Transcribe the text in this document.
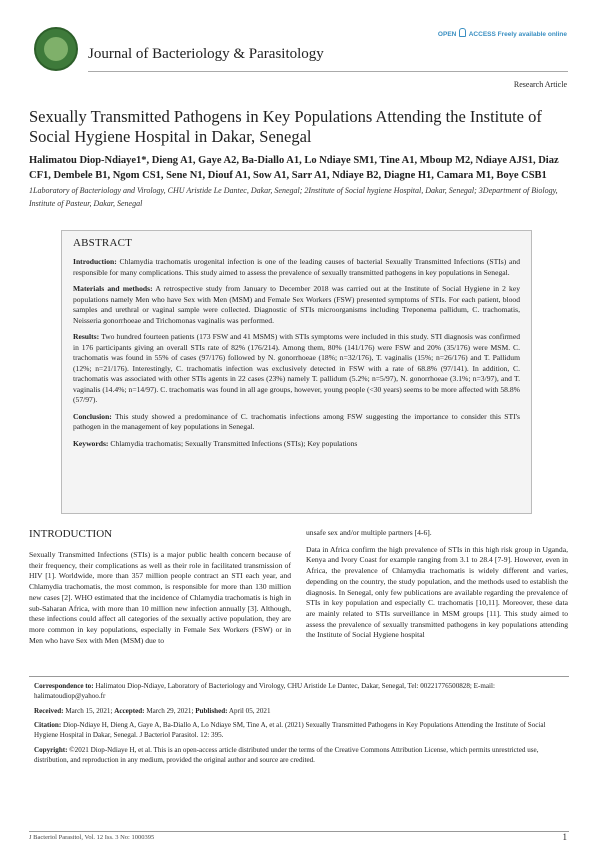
Journal of Bacteriology & Parasitology
OPEN ACCESS Freely available online
Research Article
Sexually Transmitted Pathogens in Key Populations Attending the Institute of Social Hygiene Hospital in Dakar, Senegal
Halimatou Diop-Ndiaye1*, Dieng A1, Gaye A2, Ba-Diallo A1, Lo Ndiaye SM1, Tine A1, Mboup M2, Ndiaye AJS1, Diaz CF1, Dembele B1, Ngom CS1, Sene N1, Diouf A1, Sow A1, Sarr A1, Ndiaye B2, Diagne H1, Camara M1, Boye CSB1
1Laboratory of Bacteriology and Virology, CHU Aristide Le Dantec, Dakar, Senegal; 2Institute of Social hygiene Hospital, Dakar, Senegal; 3Department of Biology, Institute of Pasteur, Dakar, Senegal
ABSTRACT

Introduction: Chlamydia trachomatis urogenital infection is one of the leading causes of bacterial Sexually Transmitted Infections (STIs) and responsible for many complications. This study aimed to assess the prevalence of sexually transmitted pathogens in key populations in Senegal.

Materials and methods: A retrospective study from January to December 2018 was carried out at the Institute of Social Hygiene in 2 key populations namely Men who have Sex with Men (MSM) and Female Sex Workers (FSW) presented symptoms of STIs. For each patient, blood samples and urethral or vaginal sample were collected. Diagnostic of STIs microorganisms including Treponema pallidum, C. trachomatis, Neisseria gonorrhoeae and Trichomonas vaginalis was performed.

Results: Two hundred fourteen patients (173 FSW and 41 MSMS) with STIs symptoms were included in this study. STI diagnosis was confirmed in 176 participants giving an overall STIs rate of 82% (176/214). Among them, 80% (141/176) were FSW and 20% (35/176) were MSM. C. trachomatis was found in 55% of cases (97/176) followed by N. gonorrhoeae (18%; n=32/176), T. vaginalis (15%; n=26/176) and T. Pallidum (12%; n=21/176). Interestingly, C. trachomatis infection was exclusively detected in FSW with a rate of 68.8% (97/141). In addition, C. trachomatis was associated with other STIs agents in 22 cases (23%) namely T. pallidum (5.2%; n=5/97), N. gonorrhoeae (3.1%; n=3/97), and T. vaginalis (14.4%; n=14/97). C. trachomatis was found in all age groups, however, young people (<30 years) seems to be more affected with 58.8% (57/97).

Conclusion: This study showed a predominance of C. trachomatis infections among FSW suggesting the importance to consider this STI's pathogen in the management of key populations in Senegal.

Keywords: Chlamydia trachomatis; Sexually Transmitted Infections (STIs); Key populations

INTRODUCTION

Sexually Transmitted Infections (STIs) is a major public health concern because of their frequency, their complications as well as their role in facilitated transmission of HIV [1]. Worldwide, more than 357 million people contract an STI each year, and Chlamydia trachomatis, the most common, is responsible for more than 130 million new cases [2]. WHO estimated that the incidence of Chlamydia trachomatis is high in sub-Saharan Africa, with more than 10 million new infection annually [3]. Although, these infections could affect all categories of the sexually active population, they are more common in key populations, especially in Female Sex Workers (FSW) or in Men who have Sex with Men (MSM) due to

unsafe sex and/or multiple partners [4-6].

Data in Africa confirm the high prevalence of STIs in this high risk group in Uganda, Kenya and Ivory Coast for example ranging from 3.1 to 28.4 [7-9]. However, even in Africa, the prevalence of Chlamydia trachomatis is widely different and varies, depending on the country, the study population, and the methods used to establish the diagnosis. In Senegal, only few publications are available regarding the prevalence of STIs in key population and especially C. trachomatis [10,11]. Moreover, these data are mainly related to STIs surveillance in MSM groups [11]. This study aimed to assess the prevalence of sexually transmitted pathogens in key populations attending the Institute of Social Hygiene hospital

Correspondence to: Halimatou Diop-Ndiaye, Laboratory of Bacteriology and Virology, CHU Aristide Le Dantec, Dakar, Senegal, Tel: 00221776500828; E-mail: halimatoudiop@yahoo.fr

Received: March 15, 2021; Accepted: March 29, 2021; Published: April 05, 2021

Citation: Diop-Ndiaye H, Dieng A, Gaye A, Ba-Diallo A, Lo Ndiaye SM, Tine A, et al. (2021) Sexually Transmitted Pathogens in Key Populations Attending the Institute of Social Hygiene Hospital in Dakar, Senegal. J Bacteriol Parasitol. 12: 395.

Copyright: ©2021 Diop-Ndiaye H, et al. This is an open-access article distributed under the terms of the Creative Commons Attribution License, which permits unrestricted use, distribution, and reproduction in any medium, provided the original author and source are credited.

J Bacteriol Parasitol, Vol. 12 Iss. 3 No: 1000395	1
